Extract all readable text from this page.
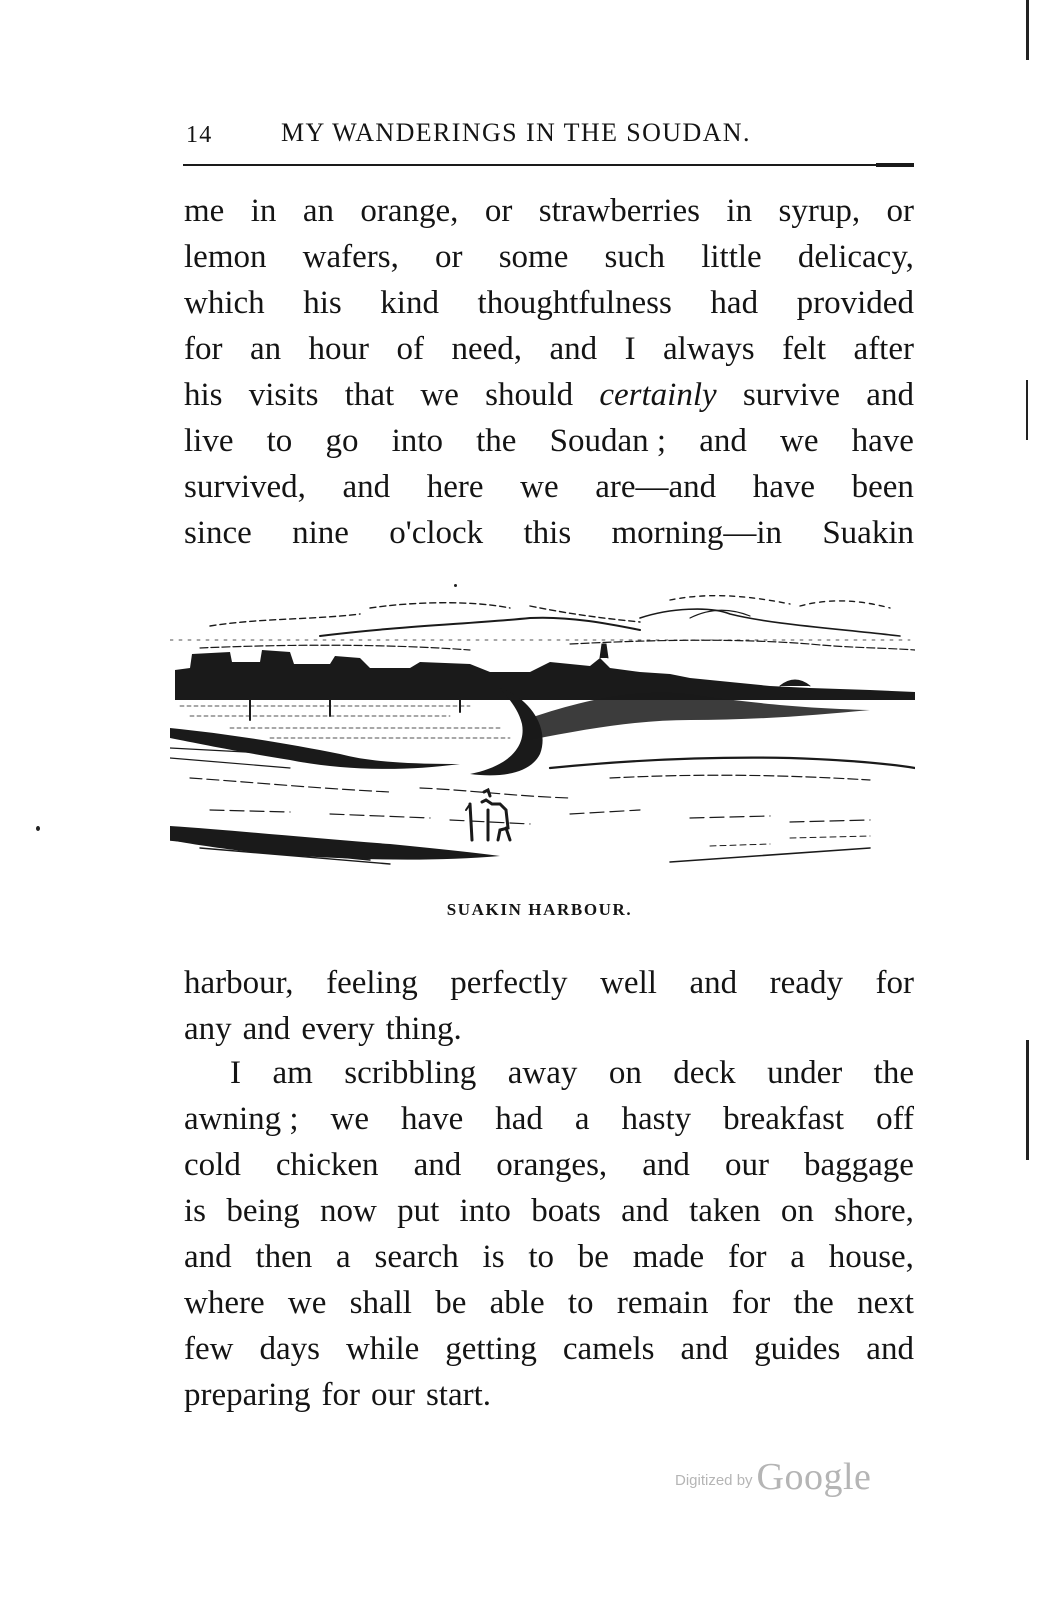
14	MY WANDERINGS IN THE SOUDAN.
me in an orange, or strawberries in syrup, or
lemon wafers, or some such little delicacy,
which his kind thoughtfulness had provided
for an hour of need, and I always felt after
his visits that we should certainly survive and
live to go into the Soudan ; and we have
survived, and here we are—and have been
since nine o'clock this morning—in Suakin
SUAKIN HARBOUR.
harbour, feeling perfectly well and ready for
any and every thing.
I am scribbling away on deck under the
awning ; we have had a hasty breakfast off
cold chicken and oranges, and our baggage
is being now put into boats and taken on shore,
and then a search is to be made for a house,
where we shall be able to remain for the next
few days while getting camels and guides and
preparing for our start.
Digitized by Google
